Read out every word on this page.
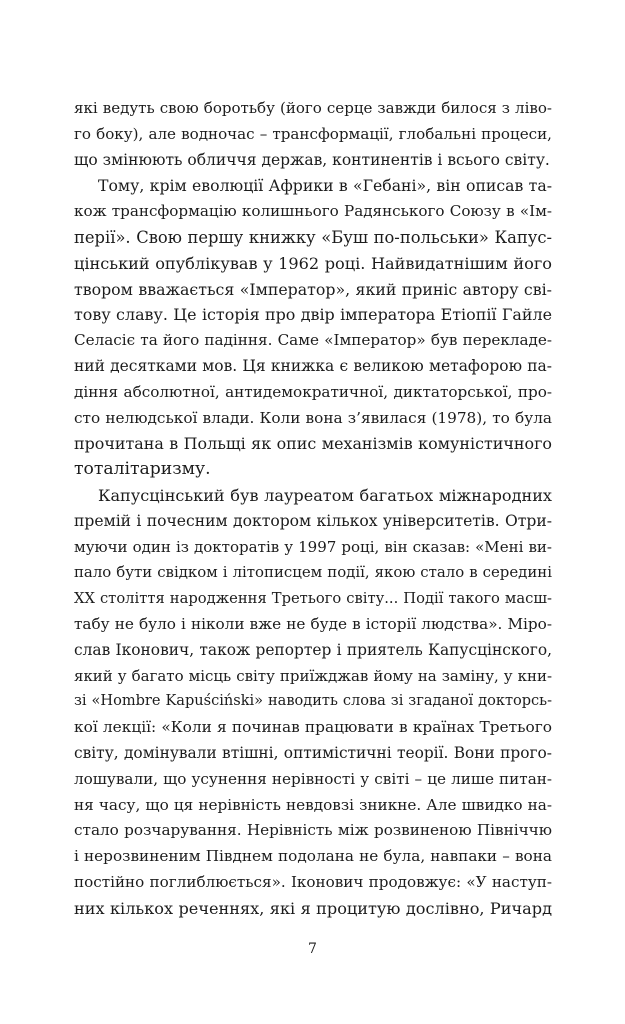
які ведуть свою боротьбу (його серце завжди билося з ліво-
го боку), але водночас – трансформації, глобальні процеси,
що змінюють обличчя держав, континентів і всього світу.
Тому, крім еволюції Африки в «Гебані», він описав та-
кож трансформацію колишнього Радянського Союзу в «Ім-
перії». Свою першу книжку «Буш по-польськи» Капус-
цінський опублікував у 1962 році. Найвидатнішим його
твором вважається «Імператор», який приніс автору сві-
тову славу. Це історія про двір імператора Етіопії Гайле
Селасіє та його падіння. Саме «Імператор» був перекладе-
ний десятками мов. Ця книжка є великою метафорою па-
діння абсолютної, антидемократичної, диктаторської, про-
сто нелюдської влади. Коли вона з’явилася (1978), то була
прочитана в Польщі як опис механізмів комуністичного
тоталітаризму.
Капусцінський був лауреатом багатьох міжнародних
премій і почесним доктором кількох університетів. Отри-
муючи один із докторатів у 1997 році, він сказав: «Мені ви-
пало бути свідком і літописцем події, якою стало в середині
ХХ століття народження Третього світу... Події такого масш-
табу не було і ніколи вже не буде в історії людства». Міро-
слав Іконович, також репортер і приятель Капусцінского,
який у багато місць світу приїжджав йому на заміну, у кни-
зі «Hombre Kapuściński» наводить слова зі згаданої докторсь-
кої лекції: «Коли я починав працювати в країнах Третього
світу, домінували втішні, оптимістичні теорії. Вони прого-
лошували, що усунення нерівності у світі – це лише питан-
ня часу, що ця нерівність невдовзі зникне. Але швидко на-
стало розчарування. Нерівність між розвиненою Північчю
і нерозвиненим Півднем подолана не була, навпаки – вона
постійно поглиблюється». Іконович продовжує: «У наступ-
них кількох реченнях, які я процитую дослівно, Ричард
7
